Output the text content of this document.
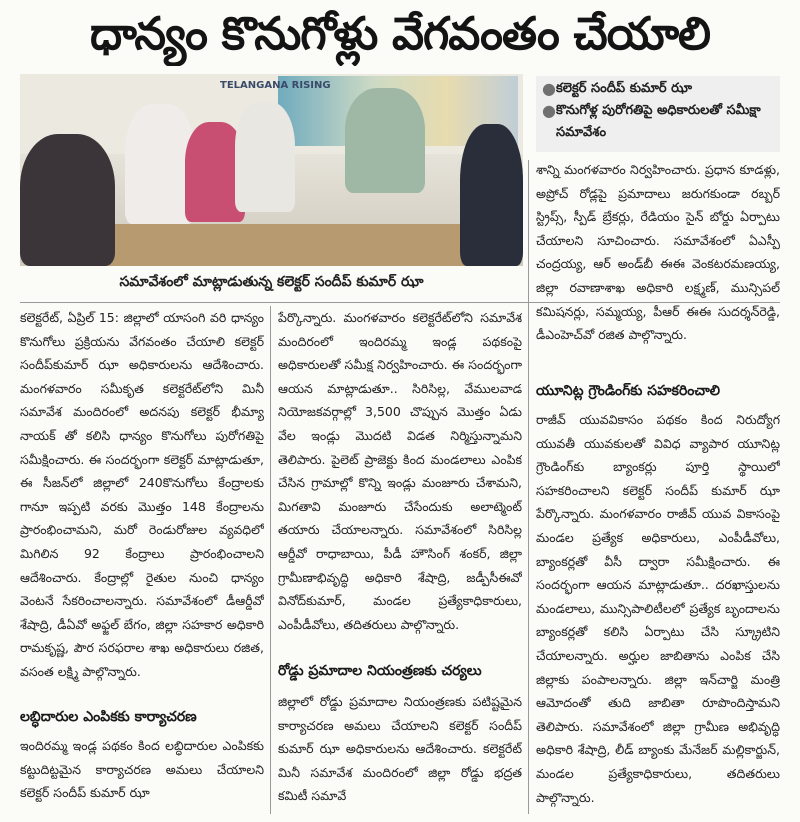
ధాన్యం కొనుగోళ్లు వేగవంతం చేయాలి
TELANGANA RISING
సమావేశంలో మాట్లాడుతున్న కలెక్టర్ సందీప్ కుమార్ ఝా
● కలెక్టర్ సందీప్ కుమార్ ఝా
● కొనుగోళ్ల పురోగతిపై అధికారులతో సమీక్షా సమావేశం

కలెక్టరేట్, ఏప్రిల్ 15: జిల్లాలో యాసంగి వరి ధాన్యం కొనుగోలు ప్రక్రియను వేగవంతం చేయాలి కలెక్టర్ సందీప్‌కుమార్ ఝా అధికారులను ఆదేశించారు. మంగళవారం సమీకృత కలెక్టరేట్‌లోని మినీ సమావేశ మందిరంలో అదనపు కలెక్టర్ భీమ్యా నాయక్ తో కలిసి ధాన్యం కొనుగోలు పురోగతిపై సమీక్షించారు. ఈ సందర్భంగా కలెక్టర్ మాట్లాడుతూ, ఈ సీజన్‌లో జిల్లాలో 240కొనుగోలు కేంద్రాలకు గానూ ఇప్పటి వరకు మొత్తం 148 కేంద్రాలను ప్రారంభించామని, మరో రెండురోజుల వ్యవధిలో మిగిలిన 92 కేంద్రాలు ప్రారంభించాలని ఆదేశించారు. కేంద్రాల్లో రైతుల నుంచి ధాన్యం వెంటనే సేకరించాలన్నారు. సమావేశంలో డీఆర్డీవో శేషాద్రి, డీఏవో అఫ్జల్ బేగం, జిల్లా సహకార అధికారి రామకృష్ణ, పౌర సరఫరాల శాఖ అధికారులు రజిత, వసంత లక్ష్మి పాల్గొన్నారు.

లబ్ధిదారుల ఎంపికకు కార్యాచరణ

ఇందిరమ్మ ఇండ్ల పథకం కింద లబ్ధిదారుల ఎంపికకు కట్టుదిట్టమైన కార్యాచరణ అమలు చేయాలని కలెక్టర్ సందీప్ కుమార్ ఝా

పేర్కొన్నారు. మంగళవారం కలెక్టరేట్‌లోని సమావేశ మందిరంలో ఇందిరమ్మ ఇండ్ల పథకంపై అధికారులతో సమీక్ష నిర్వహించారు. ఈ సందర్భంగా ఆయన మాట్లాడుతూ.. సిరిసిల్ల, వేములవాడ నియోజకవర్గాల్లో 3,500 చొప్పున మొత్తం ఏడు వేల ఇండ్లు మొదటి విడత నిర్మిస్తున్నామని తెలిపారు. పైలెట్ ప్రాజెక్టు కింద మండలాలు ఎంపిక చేసిన గ్రామాల్లో కొన్ని ఇండ్లు మంజూరు చేశామని, మిగతావి మంజూరు చేసేందుకు అలాట్మెంట్ తయారు చేయాలన్నారు. సమావేశంలో సిరిసిల్ల ఆర్డీవో రాధాబాయి, పీడీ హౌసింగ్ శంకర్, జిల్లా గ్రామీణాభివృద్ధి అధికారి శేషాద్రి, జడ్పీసీఈవో వినోద్‌కుమార్, మండల ప్రత్యేకాధికారులు, ఎంపీడీవోలు, తదితరులు పాల్గొన్నారు.

రోడ్డు ప్రమాదాల నియంత్రణకు చర్యలు

జిల్లాలో రోడ్డు ప్రమాదాల నియంత్రణకు పటిష్టమైన కార్యాచరణ అమలు చేయాలని కలెక్టర్ సందీప్ కుమార్ ఝా అధికారులను ఆదేశించారు. కలెక్టరేట్ మినీ సమావేశ మందిరంలో జిల్లా రోడ్డు భద్రత కమిటీ సమావే

శాన్ని మంగళవారం నిర్వహించారు. ప్రధాన కూడళ్లు, అప్రోచ్ రోడ్లపై ప్రమాదాలు జరుగకుండా రబ్బర్ స్ట్రిప్స్, స్పీడ్ బ్రేకర్లు, రేడియం సైన్ బోర్డు ఏర్పాటు చేయాలని సూచించారు. సమావేశంలో ఏఎస్పీ చంద్రయ్య, ఆర్ అండ్‌బీ ఈఈ వెంకటరమణయ్య, జిల్లా రవాణాశాఖ అధికారి లక్ష్మణ్, మున్సిపల్ కమిషనర్లు, సమ్మయ్య, పీఆర్ ఈఈ సుదర్శన్‌రెడ్డి, డీఎంహెచ్‌వో రజిత పాల్గొన్నారు.

యూనిట్ల గ్రౌండింగ్‌కు సహకరించాలి

రాజీవ్ యువవికాసం పథకం కింద నిరుద్యోగ యువతీ యువకులతో వివిధ వ్యాపార యూనిట్ల గ్రౌండింగ్‌కు బ్యాంకర్లు పూర్తి స్థాయిలో సహకరించాలని కలెక్టర్ సందీప్ కుమార్ ఝా పేర్కొన్నారు. మంగళవారం రాజీవ్ యువ వికాసంపై మండల ప్రత్యేక అధికారులు, ఎంపీడీవోలు, బ్యాంకర్లతో వీసీ ద్వారా సమీక్షించారు. ఈ సందర్భంగా ఆయన మాట్లాడుతూ.. దరఖాస్తులను మండలాలు, మున్సిపాలిటీలలో ప్రత్యేక బృందాలను బ్యాంకర్లతో కలిసి ఏర్పాటు చేసి స్క్రూటిని చేయాలన్నారు. అర్హుల జాబితాను ఎంపిక చేసి జిల్లాకు పంపాలన్నారు. జిల్లా ఇన్‌చార్జి మంత్రి ఆమోదంతో తుది జాబితా రూపొందిస్తామని తెలిపారు. సమావేశంలో జిల్లా గ్రామీణ అభివృద్ధి అధికారి శేషాద్రి, లీడ్ బ్యాంకు మేనేజర్ మల్లికార్జున్, మండల ప్రత్యేకాధికారులు, తదితరులు పాల్గొన్నారు.
